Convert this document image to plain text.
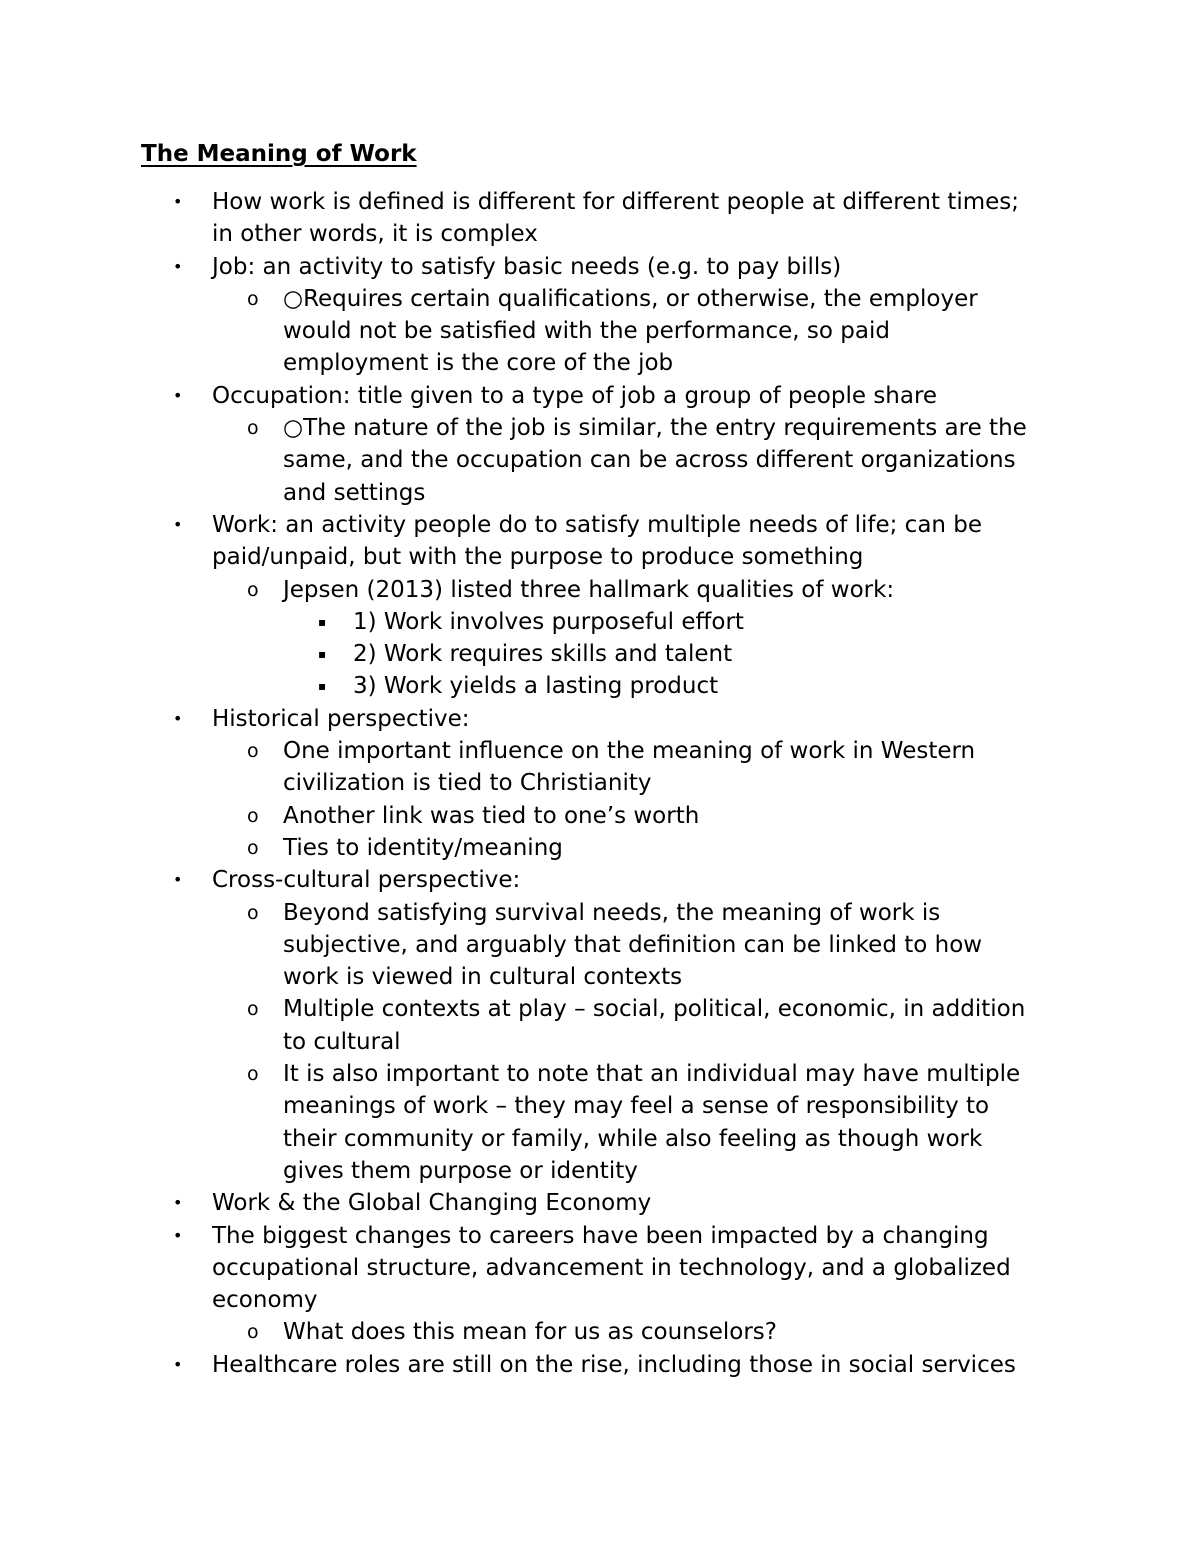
The Meaning of Work
• How work is defined is different for different people at different times;
in other words, it is complex
• Job: an activity to satisfy basic needs (e.g. to pay bills)
o ○Requires certain qualifications, or otherwise, the employer
would not be satisfied with the performance, so paid
employment is the core of the job
• Occupation: title given to a type of job a group of people share
o ○The nature of the job is similar, the entry requirements are the
same, and the occupation can be across different organizations
and settings
• Work: an activity people do to satisfy multiple needs of life; can be
paid/unpaid, but with the purpose to produce something
o Jepsen (2013) listed three hallmark qualities of work:
▪ 1) Work involves purposeful effort
▪ 2) Work requires skills and talent
▪ 3) Work yields a lasting product
• Historical perspective:
o One important influence on the meaning of work in Western
civilization is tied to Christianity
o Another link was tied to one’s worth
o Ties to identity/meaning
• Cross-cultural perspective:
o Beyond satisfying survival needs, the meaning of work is
subjective, and arguably that definition can be linked to how
work is viewed in cultural contexts
o Multiple contexts at play – social, political, economic, in addition
to cultural
o It is also important to note that an individual may have multiple
meanings of work – they may feel a sense of responsibility to
their community or family, while also feeling as though work
gives them purpose or identity
• Work & the Global Changing Economy
• The biggest changes to careers have been impacted by a changing
occupational structure, advancement in technology, and a globalized
economy
o What does this mean for us as counselors?
• Healthcare roles are still on the rise, including those in social services
